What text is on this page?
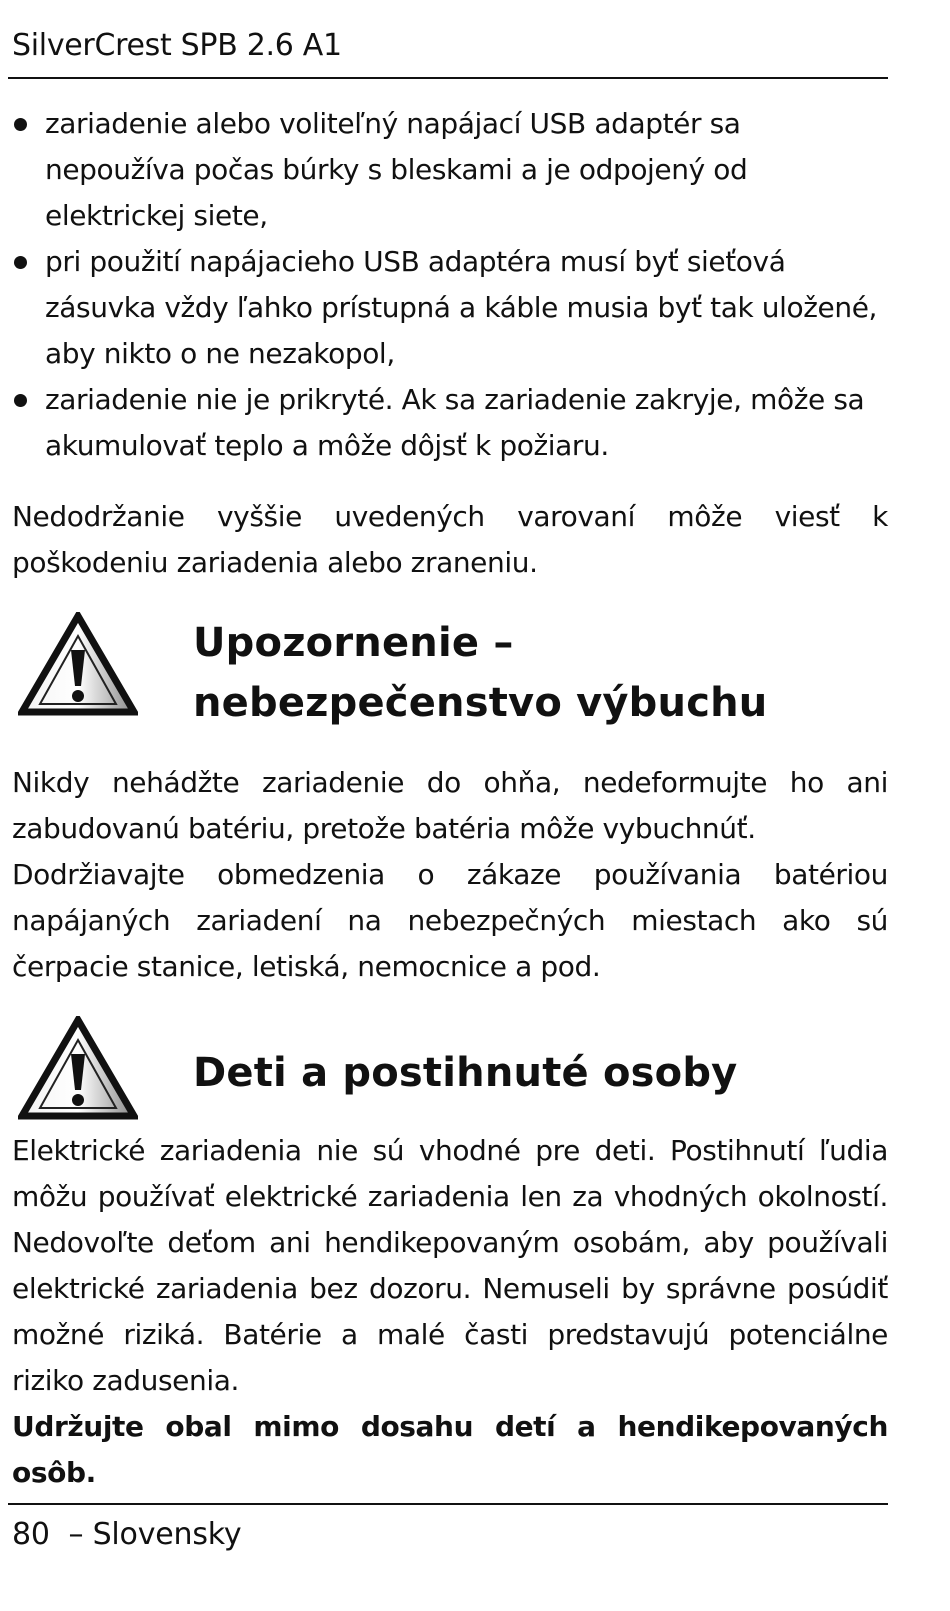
SilverCrest SPB 2.6 A1
zariadenie alebo voliteľný napájací USB adaptér sa nepoužíva počas búrky s bleskami a je odpojený od elektrickej siete,
pri použití napájacieho USB adaptéra musí byť sieťová zásuvka vždy ľahko prístupná a káble musia byť tak uložené, aby nikto o ne nezakopol,
zariadenie nie je prikryté. Ak sa zariadenie zakryje, môže sa akumulovať teplo a môže dôjsť k požiaru.

Nedodržanie vyššie uvedených varovaní môže viesť k poškodeniu zariadenia alebo zraneniu.

Upozornenie – nebezpečenstvo výbuchu

Nikdy nehádžte zariadenie do ohňa, nedeformujte ho ani zabudovanú batériu, pretože batéria môže vybuchnúť.

Dodržiavajte obmedzenia o zákaze používania batériou napájaných zariadení na nebezpečných miestach ako sú čerpacie stanice, letiská, nemocnice a pod.

Deti a postihnuté osoby

Elektrické zariadenia nie sú vhodné pre deti. Postihnutí ľudia môžu používať elektrické zariadenia len za vhodných okolností. Nedovoľte deťom ani hendikepovaným osobám, aby používali elektrické zariadenia bez dozoru. Nemuseli by správne posúdiť možné riziká. Batérie a malé časti predstavujú potenciálne riziko zadusenia.

Udržujte obal mimo dosahu detí a hendikepovaných osôb.

80  – Slovensky
